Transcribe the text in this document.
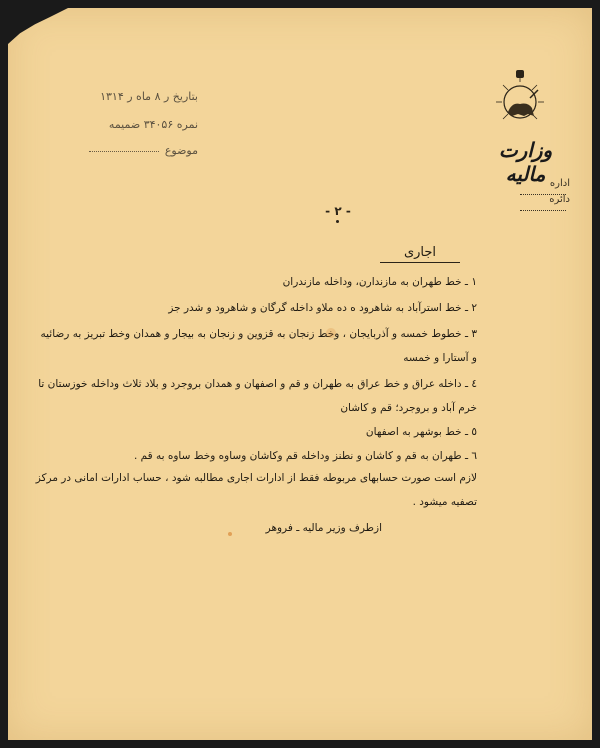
بتاریخ ر ۸ ماه ر ۱۳۱۴
نمره ۳۴۰۵۶ ضمیمه
موضوع	وزارت مالیه اداره
دائره
- ۲ -
اجاری
۱ ـ خط طهران به مازندارن، وداخله مازندران
۲ ـ خط استرآباد به شاهرود ه ده ملاو داخله گرگان و شاهرود و شدر جز
۳ ـ خطوط خمسه و آذربایجان ، وخط زنجان به قزوین و زنجان به بیجار و همدان وخط تبریز به رضائیه
و آستارا و خمسه
٤ ـ داخله عراق و خط عراق به طهران و قم و اصفهان و همدان بروجرد و بلاد ثلاث وداخله خوزستان تا
خرم آباد و بروجرد؛ قم و کاشان
٥ ـ خط بوشهر به اصفهان
٦ ـ طهران به قم و کاشان و نطنز وداخله قم وکاشان وساوه وخط ساوه به قم .
لازم است صورت حسابهای مربوطه فقط از ادارات اجاری مطالبه شود ، حساب ادارات امانی در مرکز
تصفیه میشود .
ازطرف وزیر مالیه ـ فروهر
